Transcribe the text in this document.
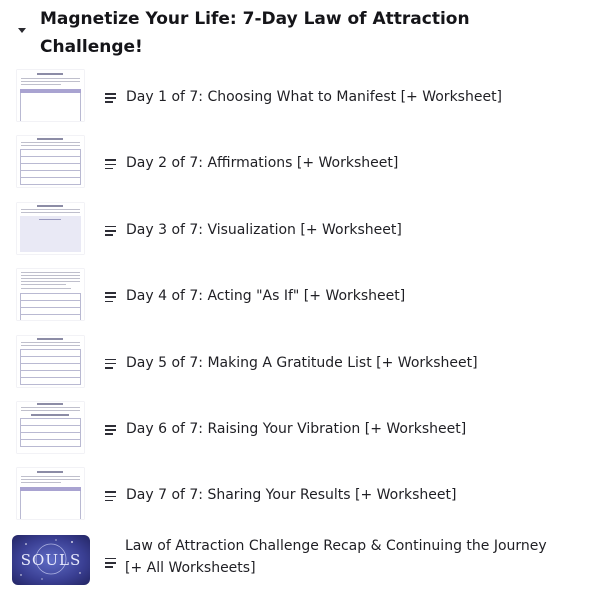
Magnetize Your Life: 7-Day Law of Attraction Challenge!
Day 1 of 7: Choosing What to Manifest [+ Worksheet]
Day 2 of 7: Affirmations [+ Worksheet]
Day 3 of 7: Visualization [+ Worksheet]
Day 4 of 7: Acting "As If" [+ Worksheet]
Day 5 of 7: Making A Gratitude List [+ Worksheet]
Day 6 of 7: Raising Your Vibration [+ Worksheet]
Day 7 of 7: Sharing Your Results [+ Worksheet]
SOULS
Law of Attraction Challenge Recap & Continuing the Journey [+ All Worksheets]
